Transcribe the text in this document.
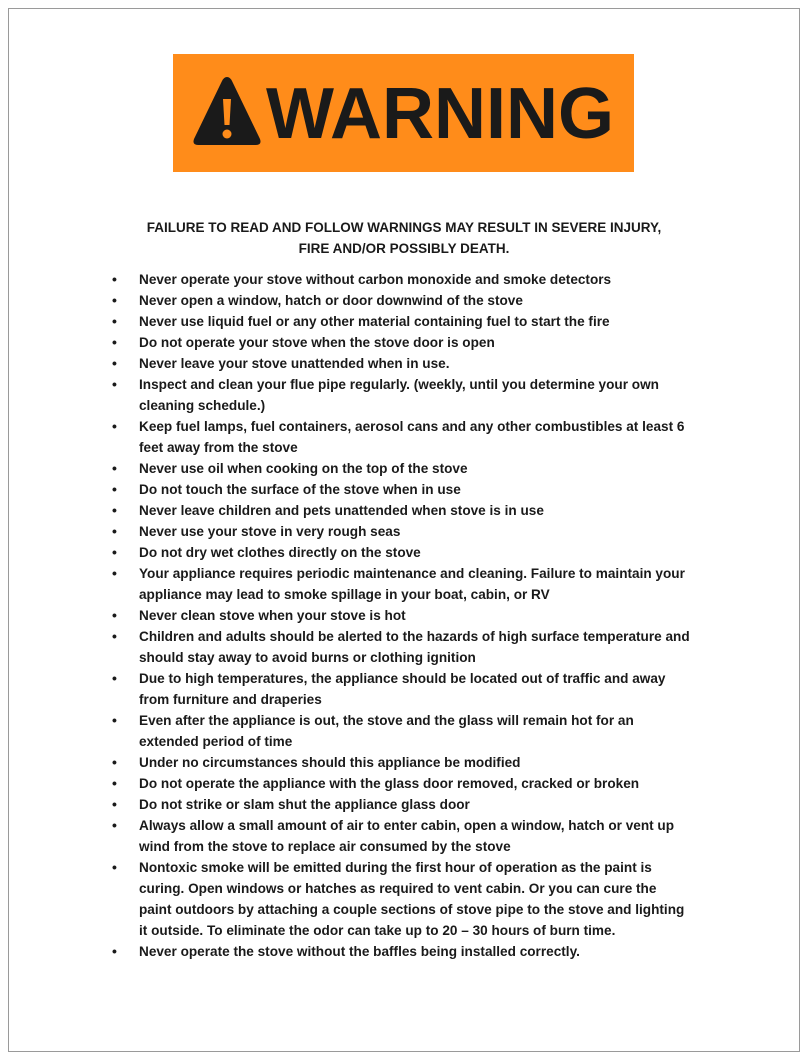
WARNING
FAILURE TO READ AND FOLLOW WARNINGS MAY RESULT IN SEVERE INJURY,
FIRE AND/OR POSSIBLY DEATH.
• Never operate your stove without carbon monoxide and smoke detectors
• Never open a window, hatch or door downwind of the stove
• Never use liquid fuel or any other material containing fuel to start the fire
• Do not operate your stove when the stove door is open
• Never leave your stove unattended when in use.
• Inspect and clean your flue pipe regularly. (weekly, until you determine your own cleaning schedule.)
• Keep fuel lamps, fuel containers, aerosol cans and any other combustibles at least 6 feet away from the stove
• Never use oil when cooking on the top of the stove
• Do not touch the surface of the stove when in use
• Never leave children and pets unattended when stove is in use
• Never use your stove in very rough seas
• Do not dry wet clothes directly on the stove
• Your appliance requires periodic maintenance and cleaning. Failure to maintain your appliance may lead to smoke spillage in your boat, cabin, or RV
• Never clean stove when your stove is hot
• Children and adults should be alerted to the hazards of high surface temperature and should stay away to avoid burns or clothing ignition
• Due to high temperatures, the appliance should be located out of traffic and away from furniture and draperies
• Even after the appliance is out, the stove and the glass will remain hot for an extended period of time
• Under no circumstances should this appliance be modified
• Do not operate the appliance with the glass door removed, cracked or broken
• Do not strike or slam shut the appliance glass door
• Always allow a small amount of air to enter cabin, open a window, hatch or vent up wind from the stove to replace air consumed by the stove
• Nontoxic smoke will be emitted during the first hour of operation as the paint is curing. Open windows or hatches as required to vent cabin. Or you can cure the paint outdoors by attaching a couple sections of stove pipe to the stove and lighting it outside. To eliminate the odor can take up to 20 – 30 hours of burn time.
• Never operate the stove without the baffles being installed correctly.
